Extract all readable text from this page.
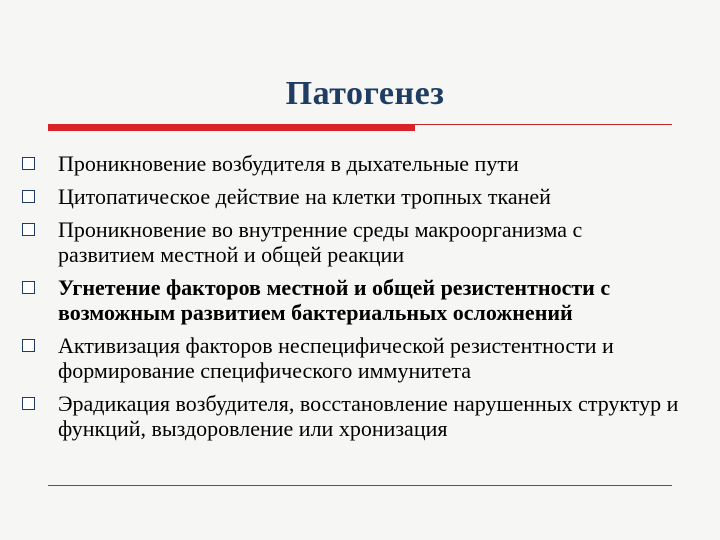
Патогенез
Проникновение возбудителя в дыхательные пути
Цитопатическое действие на клетки тропных тканей
Проникновение во внутренние среды макроорганизма с развитием местной и общей реакции
Угнетение факторов местной и общей резистентности с возможным развитием бактериальных осложнений
Активизация факторов неспецифической резистентности и формирование специфического иммунитета
Эрадикация возбудителя, восстановление нарушенных структур и функций, выздоровление или хронизация
